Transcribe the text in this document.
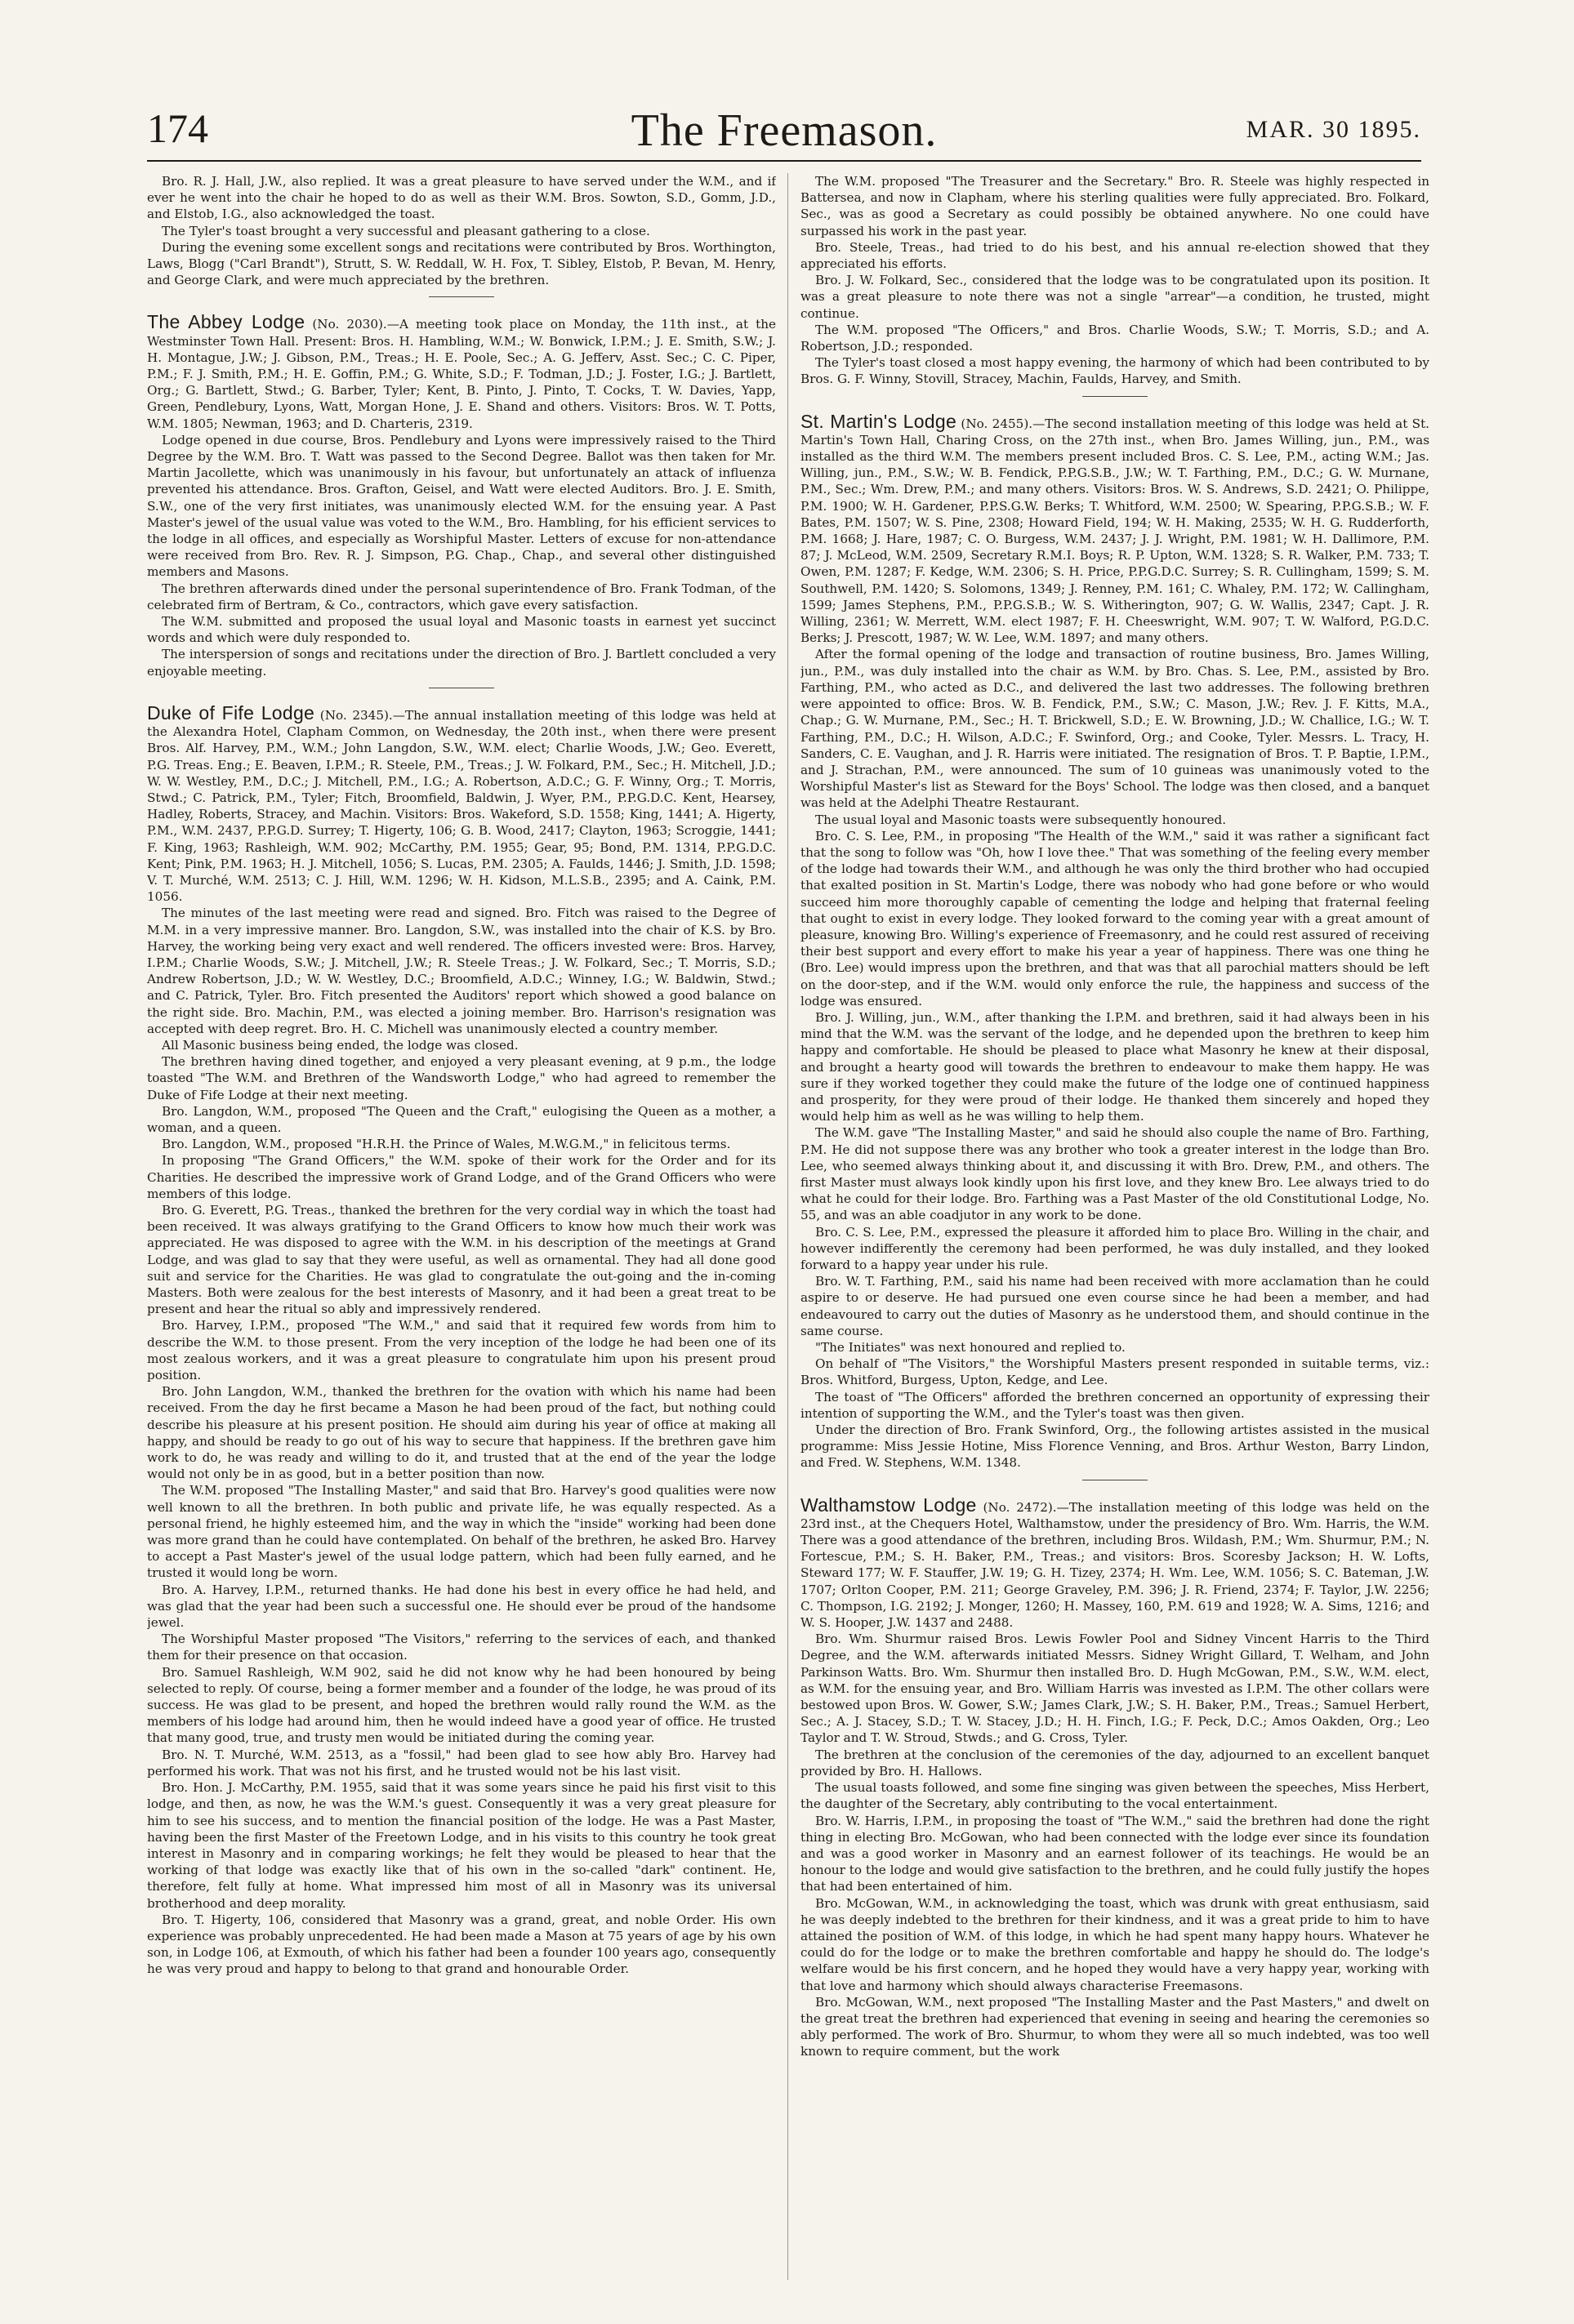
174	The Freemason.	MAR. 30 1895.

Bro. R. J. Hall, J.W., also replied. It was a great pleasure to have served under the W.M., and if ever he went into the chair he hoped to do as well as their W.M. Bros. Sowton, S.D., Gomm, J.D., and Elstob, I.G., also acknowledged the toast.

The Tyler's toast brought a very successful and pleasant gathering to a close.

During the evening some excellent songs and recitations were contributed by Bros. Worthington, Laws, Blogg ("Carl Brandt"), Strutt, S. W. Reddall, W. H. Fox, T. Sibley, Elstob, P. Bevan, M. Henry, and George Clark, and were much appreciated by the brethren.

The Abbey Lodge (No. 2030).—A meeting took place on Monday, the 11th inst., at the Westminster Town Hall. Present: Bros. H. Hambling, W.M.; W. Bonwick, I.P.M.; J. E. Smith, S.W.; J. H. Montague, J.W.; J. Gibson, P.M., Treas.; H. E. Poole, Sec.; A. G. Jefferv, Asst. Sec.; C. C. Piper, P.M.; F. J. Smith, P.M.; H. E. Goffin, P.M.; G. White, S.D.; F. Todman, J.D.; J. Foster, I.G.; J. Bartlett, Org.; G. Bartlett, Stwd.; G. Barber, Tyler; Kent, B. Pinto, J. Pinto, T. Cocks, T. W. Davies, Yapp, Green, Pendlebury, Lyons, Watt, Morgan Hone, J. E. Shand and others. Visitors: Bros. W. T. Potts, W.M. 1805; Newman, 1963; and D. Charteris, 2319.

Lodge opened in due course, Bros. Pendlebury and Lyons were impressively raised to the Third Degree by the W.M. Bro. T. Watt was passed to the Second Degree. Ballot was then taken for Mr. Martin Jacollette, which was unanimously in his favour, but unfortunately an attack of influenza prevented his attendance. Bros. Grafton, Geisel, and Watt were elected Auditors. Bro. J. E. Smith, S.W., one of the very first initiates, was unanimously elected W.M. for the ensuing year. A Past Master's jewel of the usual value was voted to the W.M., Bro. Hambling, for his efficient services to the lodge in all offices, and especially as Worshipful Master. Letters of excuse for non-attendance were received from Bro. Rev. R. J. Simpson, P.G. Chap., Chap., and several other distinguished members and Masons.

The brethren afterwards dined under the personal superintendence of Bro. Frank Todman, of the celebrated firm of Bertram, & Co., contractors, which gave every satisfaction.

The W.M. submitted and proposed the usual loyal and Masonic toasts in earnest yet succinct words and which were duly responded to.

The interspersion of songs and recitations under the direction of Bro. J. Bartlett concluded a very enjoyable meeting.

Duke of Fife Lodge (No. 2345).—The annual installation meeting of this lodge was held at the Alexandra Hotel, Clapham Common, on Wednesday, the 20th inst., when there were present Bros. Alf. Harvey, P.M., W.M.; John Langdon, S.W., W.M. elect; Charlie Woods, J.W.; Geo. Everett, P.G. Treas. Eng.; E. Beaven, I.P.M.; R. Steele, P.M., Treas.; J. W. Folkard, P.M., Sec.; H. Mitchell, J.D.; W. W. Westley, P.M., D.C.; J. Mitchell, P.M., I.G.; A. Robertson, A.D.C.; G. F. Winny, Org.; T. Morris, Stwd.; C. Patrick, P.M., Tyler; Fitch, Broomfield, Baldwin, J. Wyer, P.M., P.P.G.D.C. Kent, Hearsey, Hadley, Roberts, Stracey, and Machin. Visitors: Bros. Wakeford, S.D. 1558; King, 1441; A. Higerty, P.M., W.M. 2437, P.P.G.D. Surrey; T. Higerty, 106; G. B. Wood, 2417; Clayton, 1963; Scroggie, 1441; F. King, 1963; Rashleigh, W.M. 902; McCarthy, P.M. 1955; Gear, 95; Bond, P.M. 1314, P.P.G.D.C. Kent; Pink, P.M. 1963; H. J. Mitchell, 1056; S. Lucas, P.M. 2305; A. Faulds, 1446; J. Smith, J.D. 1598; V. T. Murché, W.M. 2513; C. J. Hill, W.M. 1296; W. H. Kidson, M.L.S.B., 2395; and A. Caink, P.M. 1056.

The minutes of the last meeting were read and signed. Bro. Fitch was raised to the Degree of M.M. in a very impressive manner. Bro. Langdon, S.W., was installed into the chair of K.S. by Bro. Harvey, the working being very exact and well rendered. The officers invested were: Bros. Harvey, I.P.M.; Charlie Woods, S.W.; J. Mitchell, J.W.; R. Steele Treas.; J. W. Folkard, Sec.; T. Morris, S.D.; Andrew Robertson, J.D.; W. W. Westley, D.C.; Broomfield, A.D.C.; Winney, I.G.; W. Baldwin, Stwd.; and C. Patrick, Tyler. Bro. Fitch presented the Auditors' report which showed a good balance on the right side. Bro. Machin, P.M., was elected a joining member. Bro. Harrison's resignation was accepted with deep regret. Bro. H. C. Michell was unanimously elected a country member.

All Masonic business being ended, the lodge was closed.

The brethren having dined together, and enjoyed a very pleasant evening, at 9 p.m., the lodge toasted "The W.M. and Brethren of the Wandsworth Lodge," who had agreed to remember the Duke of Fife Lodge at their next meeting.

Bro. Langdon, W.M., proposed "The Queen and the Craft," eulogising the Queen as a mother, a woman, and a queen.

Bro. Langdon, W.M., proposed "H.R.H. the Prince of Wales, M.W.G.M.," in felicitous terms.

In proposing "The Grand Officers," the W.M. spoke of their work for the Order and for its Charities. He described the impressive work of Grand Lodge, and of the Grand Officers who were members of this lodge.

Bro. G. Everett, P.G. Treas., thanked the brethren for the very cordial way in which the toast had been received. It was always gratifying to the Grand Officers to know how much their work was appreciated. He was disposed to agree with the W.M. in his description of the meetings at Grand Lodge, and was glad to say that they were useful, as well as ornamental. They had all done good suit and service for the Charities. He was glad to congratulate the out-going and the in-coming Masters. Both were zealous for the best interests of Masonry, and it had been a great treat to be present and hear the ritual so ably and impressively rendered.

Bro. Harvey, I.P.M., proposed "The W.M.," and said that it required few words from him to describe the W.M. to those present. From the very inception of the lodge he had been one of its most zealous workers, and it was a great pleasure to congratulate him upon his present proud position.

Bro. John Langdon, W.M., thanked the brethren for the ovation with which his name had been received. From the day he first became a Mason he had been proud of the fact, but nothing could describe his pleasure at his present position. He should aim during his year of office at making all happy, and should be ready to go out of his way to secure that happiness. If the brethren gave him work to do, he was ready and willing to do it, and trusted that at the end of the year the lodge would not only be in as good, but in a better position than now.

The W.M. proposed "The Installing Master," and said that Bro. Harvey's good qualities were now well known to all the brethren. In both public and private life, he was equally respected. As a personal friend, he highly esteemed him, and the way in which the "inside" working had been done was more grand than he could have contemplated. On behalf of the brethren, he asked Bro. Harvey to accept a Past Master's jewel of the usual lodge pattern, which had been fully earned, and he trusted it would long be worn.

Bro. A. Harvey, I.P.M., returned thanks. He had done his best in every office he had held, and was glad that the year had been such a successful one. He should ever be proud of the handsome jewel.

The Worshipful Master proposed "The Visitors," referring to the services of each, and thanked them for their presence on that occasion.

Bro. Samuel Rashleigh, W.M 902, said he did not know why he had been honoured by being selected to reply. Of course, being a former member and a founder of the lodge, he was proud of its success. He was glad to be present, and hoped the brethren would rally round the W.M. as the members of his lodge had around him, then he would indeed have a good year of office. He trusted that many good, true, and trusty men would be initiated during the coming year.

Bro. N. T. Murché, W.M. 2513, as a "fossil," had been glad to see how ably Bro. Harvey had performed his work. That was not his first, and he trusted would not be his last visit.

Bro. Hon. J. McCarthy, P.M. 1955, said that it was some years since he paid his first visit to this lodge, and then, as now, he was the W.M.'s guest. Consequently it was a very great pleasure for him to see his success, and to mention the financial position of the lodge. He was a Past Master, having been the first Master of the Freetown Lodge, and in his visits to this country he took great interest in Masonry and in comparing workings; he felt they would be pleased to hear that the working of that lodge was exactly like that of his own in the so-called "dark" continent. He, therefore, felt fully at home. What impressed him most of all in Masonry was its universal brotherhood and deep morality.

Bro. T. Higerty, 106, considered that Masonry was a grand, great, and noble Order. His own experience was probably unprecedented. He had been made a Mason at 75 years of age by his own son, in Lodge 106, at Exmouth, of which his father had been a founder 100 years ago, consequently he was very proud and happy to belong to that grand and honourable Order.

The W.M. proposed "The Treasurer and the Secretary." Bro. R. Steele was highly respected in Battersea, and now in Clapham, where his sterling qualities were fully appreciated. Bro. Folkard, Sec., was as good a Secretary as could possibly be obtained anywhere. No one could have surpassed his work in the past year.

Bro. Steele, Treas., had tried to do his best, and his annual re-election showed that they appreciated his efforts.

Bro. J. W. Folkard, Sec., considered that the lodge was to be congratulated upon its position. It was a great pleasure to note there was not a single "arrear"—a condition, he trusted, might continue.

The W.M. proposed "The Officers," and Bros. Charlie Woods, S.W.; T. Morris, S.D.; and A. Robertson, J.D.; responded.

The Tyler's toast closed a most happy evening, the harmony of which had been contributed to by Bros. G. F. Winny, Stovill, Stracey, Machin, Faulds, Harvey, and Smith.

St. Martin's Lodge (No. 2455).—The second installation meeting of this lodge was held at St. Martin's Town Hall, Charing Cross, on the 27th inst., when Bro. James Willing, jun., P.M., was installed as the third W.M. The members present included Bros. C. S. Lee, P.M., acting W.M.; Jas. Willing, jun., P.M., S.W.; W. B. Fendick, P.P.G.S.B., J.W.; W. T. Farthing, P.M., D.C.; G. W. Murnane, P.M., Sec.; Wm. Drew, P.M.; and many others. Visitors: Bros. W. S. Andrews, S.D. 2421; O. Philippe, P.M. 1900; W. H. Gardener, P.P.S.G.W. Berks; T. Whitford, W.M. 2500; W. Spearing, P.P.G.S.B.; W. F. Bates, P.M. 1507; W. S. Pine, 2308; Howard Field, 194; W. H. Making, 2535; W. H. G. Rudderforth, P.M. 1668; J. Hare, 1987; C. O. Burgess, W.M. 2437; J. J. Wright, P.M. 1981; W. H. Dallimore, P.M. 87; J. McLeod, W.M. 2509, Secretary R.M.I. Boys; R. P. Upton, W.M. 1328; S. R. Walker, P.M. 733; T. Owen, P.M. 1287; F. Kedge, W.M. 2306; S. H. Price, P.P.G.D.C. Surrey; S. R. Cullingham, 1599; S. M. Southwell, P.M. 1420; S. Solomons, 1349; J. Renney, P.M. 161; C. Whaley, P.M. 172; W. Callingham, 1599; James Stephens, P.M., P.P.G.S.B.; W. S. Witherington, 907; G. W. Wallis, 2347; Capt. J. R. Willing, 2361; W. Merrett, W.M. elect 1987; F. H. Cheeswright, W.M. 907; T. W. Walford, P.G.D.C. Berks; J. Prescott, 1987; W. W. Lee, W.M. 1897; and many others.

After the formal opening of the lodge and transaction of routine business, Bro. James Willing, jun., P.M., was duly installed into the chair as W.M. by Bro. Chas. S. Lee, P.M., assisted by Bro. Farthing, P.M., who acted as D.C., and delivered the last two addresses. The following brethren were appointed to office: Bros. W. B. Fendick, P.M., S.W.; C. Mason, J.W.; Rev. J. F. Kitts, M.A., Chap.; G. W. Murnane, P.M., Sec.; H. T. Brickwell, S.D.; E. W. Browning, J.D.; W. Challice, I.G.; W. T. Farthing, P.M., D.C.; H. Wilson, A.D.C.; F. Swinford, Org.; and Cooke, Tyler. Messrs. L. Tracy, H. Sanders, C. E. Vaughan, and J. R. Harris were initiated. The resignation of Bros. T. P. Baptie, I.P.M., and J. Strachan, P.M., were announced. The sum of 10 guineas was unanimously voted to the Worshipful Master's list as Steward for the Boys' School. The lodge was then closed, and a banquet was held at the Adelphi Theatre Restaurant.

The usual loyal and Masonic toasts were subsequently honoured.

Bro. C. S. Lee, P.M., in proposing "The Health of the W.M.," said it was rather a significant fact that the song to follow was "Oh, how I love thee." That was something of the feeling every member of the lodge had towards their W.M., and although he was only the third brother who had occupied that exalted position in St. Martin's Lodge, there was nobody who had gone before or who would succeed him more thoroughly capable of cementing the lodge and helping that fraternal feeling that ought to exist in every lodge. They looked forward to the coming year with a great amount of pleasure, knowing Bro. Willing's experience of Freemasonry, and he could rest assured of receiving their best support and every effort to make his year a year of happiness. There was one thing he (Bro. Lee) would impress upon the brethren, and that was that all parochial matters should be left on the door-step, and if the W.M. would only enforce the rule, the happiness and success of the lodge was ensured.

Bro. J. Willing, jun., W.M., after thanking the I.P.M. and brethren, said it had always been in his mind that the W.M. was the servant of the lodge, and he depended upon the brethren to keep him happy and comfortable. He should be pleased to place what Masonry he knew at their disposal, and brought a hearty good will towards the brethren to endeavour to make them happy. He was sure if they worked together they could make the future of the lodge one of continued happiness and prosperity, for they were proud of their lodge. He thanked them sincerely and hoped they would help him as well as he was willing to help them.

The W.M. gave "The Installing Master," and said he should also couple the name of Bro. Farthing, P.M. He did not suppose there was any brother who took a greater interest in the lodge than Bro. Lee, who seemed always thinking about it, and discussing it with Bro. Drew, P.M., and others. The first Master must always look kindly upon his first love, and they knew Bro. Lee always tried to do what he could for their lodge. Bro. Farthing was a Past Master of the old Constitutional Lodge, No. 55, and was an able coadjutor in any work to be done.

Bro. C. S. Lee, P.M., expressed the pleasure it afforded him to place Bro. Willing in the chair, and however indifferently the ceremony had been performed, he was duly installed, and they looked forward to a happy year under his rule.

Bro. W. T. Farthing, P.M., said his name had been received with more acclamation than he could aspire to or deserve. He had pursued one even course since he had been a member, and had endeavoured to carry out the duties of Masonry as he understood them, and should continue in the same course.

"The Initiates" was next honoured and replied to.

On behalf of "The Visitors," the Worshipful Masters present responded in suitable terms, viz.: Bros. Whitford, Burgess, Upton, Kedge, and Lee.

The toast of "The Officers" afforded the brethren concerned an opportunity of expressing their intention of supporting the W.M., and the Tyler's toast was then given.

Under the direction of Bro. Frank Swinford, Org., the following artistes assisted in the musical programme: Miss Jessie Hotine, Miss Florence Venning, and Bros. Arthur Weston, Barry Lindon, and Fred. W. Stephens, W.M. 1348.

Walthamstow Lodge (No. 2472).—The installation meeting of this lodge was held on the 23rd inst., at the Chequers Hotel, Walthamstow, under the presidency of Bro. Wm. Harris, the W.M. There was a good attendance of the brethren, including Bros. Wildash, P.M.; Wm. Shurmur, P.M.; N. Fortescue, P.M.; S. H. Baker, P.M., Treas.; and visitors: Bros. Scoresby Jackson; H. W. Lofts, Steward 177; W. F. Stauffer, J.W. 19; G. H. Tizey, 2374; H. Wm. Lee, W.M. 1056; S. C. Bateman, J.W. 1707; Orlton Cooper, P.M. 211; George Graveley, P.M. 396; J. R. Friend, 2374; F. Taylor, J.W. 2256; C. Thompson, I.G. 2192; J. Monger, 1260; H. Massey, 160, P.M. 619 and 1928; W. A. Sims, 1216; and W. S. Hooper, J.W. 1437 and 2488.

Bro. Wm. Shurmur raised Bros. Lewis Fowler Pool and Sidney Vincent Harris to the Third Degree, and the W.M. afterwards initiated Messrs. Sidney Wright Gillard, T. Welham, and John Parkinson Watts. Bro. Wm. Shurmur then installed Bro. D. Hugh McGowan, P.M., S.W., W.M. elect, as W.M. for the ensuing year, and Bro. William Harris was invested as I.P.M. The other collars were bestowed upon Bros. W. Gower, S.W.; James Clark, J.W.; S. H. Baker, P.M., Treas.; Samuel Herbert, Sec.; A. J. Stacey, S.D.; T. W. Stacey, J.D.; H. H. Finch, I.G.; F. Peck, D.C.; Amos Oakden, Org.; Leo Taylor and T. W. Stroud, Stwds.; and G. Cross, Tyler.

The brethren at the conclusion of the ceremonies of the day, adjourned to an excellent banquet provided by Bro. H. Hallows.

The usual toasts followed, and some fine singing was given between the speeches, Miss Herbert, the daughter of the Secretary, ably contributing to the vocal entertainment.

Bro. W. Harris, I.P.M., in proposing the toast of "The W.M.," said the brethren had done the right thing in electing Bro. McGowan, who had been connected with the lodge ever since its foundation and was a good worker in Masonry and an earnest follower of its teachings. He would be an honour to the lodge and would give satisfaction to the brethren, and he could fully justify the hopes that had been entertained of him.

Bro. McGowan, W.M., in acknowledging the toast, which was drunk with great enthusiasm, said he was deeply indebted to the brethren for their kindness, and it was a great pride to him to have attained the position of W.M. of this lodge, in which he had spent many happy hours. Whatever he could do for the lodge or to make the brethren comfortable and happy he should do. The lodge's welfare would be his first concern, and he hoped they would have a very happy year, working with that love and harmony which should always characterise Freemasons.

Bro. McGowan, W.M., next proposed "The Installing Master and the Past Masters," and dwelt on the great treat the brethren had experienced that evening in seeing and hearing the ceremonies so ably performed. The work of Bro. Shurmur, to whom they were all so much indebted, was too well known to require comment, but the work
